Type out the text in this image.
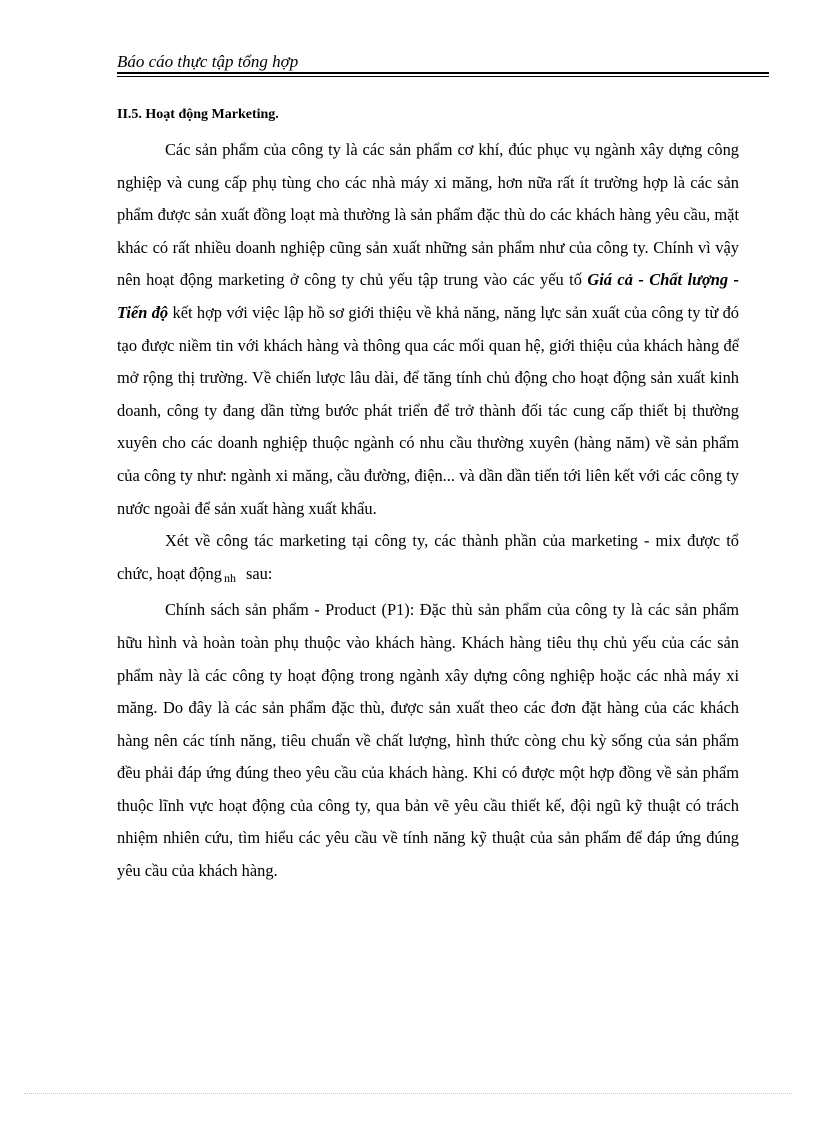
Báo cáo thực tập tổng hợp
II.5. Hoạt động Marketing.

Các sản phẩm của công ty là các sản phẩm cơ khí, đúc phục vụ ngành xây dựng công nghiệp và cung cấp phụ tùng cho các nhà máy xi măng, hơn nữa rất ít trường hợp là các sản phẩm được sản xuất đồng loạt mà thường là sản phẩm đặc thù do các khách hàng yêu cầu, mặt khác có rất nhiều doanh nghiệp cũng sản xuất những sản phẩm như của công ty. Chính vì vậy nên hoạt động marketing ở công ty chủ yếu tập trung vào các yếu tố Giá cả - Chất lượng - Tiến độ kết hợp với việc lập hồ sơ giới thiệu về khả năng, năng lực sản xuất của công ty từ đó tạo được niềm tin với khách hàng và thông qua các mối quan hệ, giới thiệu của khách hàng để mở rộng thị trường. Về chiến lược lâu dài, để tăng tính chủ động cho hoạt động sản xuất kinh doanh, công ty đang dần từng bước phát triển để trở thành đối tác cung cấp thiết bị thường xuyên cho các doanh nghiệp thuộc ngành có nhu cầu thường xuyên (hàng năm) về sản phẩm của công ty như: ngành xi măng, cầu đường, điện... và dần dần tiến tới liên kết với các công ty nước ngoài để sản xuất hàng xuất khẩu.

Xét về công tác marketing tại công ty, các thành phần của marketing - mix được tổ chức, hoạt động nh sau:

Chính sách sản phẩm - Product (P1): Đặc thù sản phẩm của công ty là các sản phẩm hữu hình và hoàn toàn phụ thuộc vào khách hàng. Khách hàng tiêu thụ chủ yếu của các sản phẩm này là các công ty hoạt động trong ngành xây dựng công nghiệp hoặc các nhà máy xi măng. Do đây là các sản phẩm đặc thù, được sản xuất theo các đơn đặt hàng của các khách hàng nên các tính năng, tiêu chuẩn về chất lượng, hình thức còng chu kỳ sống của sản phẩm đều phải đáp ứng đúng theo yêu cầu của khách hàng. Khi có được một hợp đồng về sản phẩm thuộc lĩnh vực hoạt động của công ty, qua bản vẽ yêu cầu thiết kế, đội ngũ kỹ thuật có trách nhiệm nhiên cứu, tìm hiểu các yêu cầu về tính năng kỹ thuật của sản phẩm để đáp ứng đúng yêu cầu của khách hàng.
